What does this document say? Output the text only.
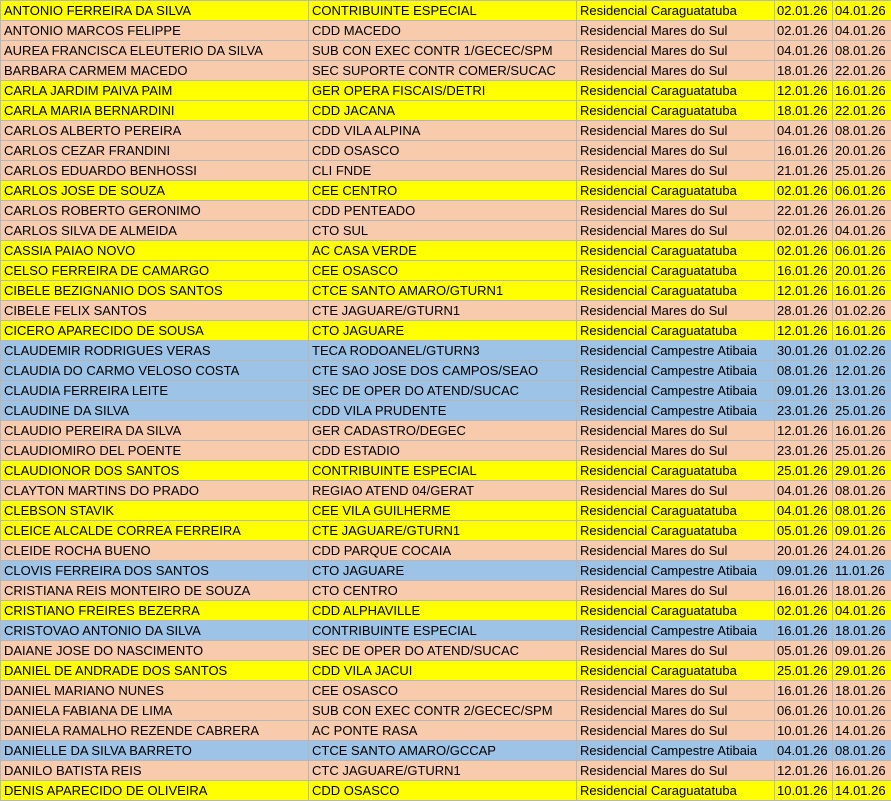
ANTONIO FERREIRA DA SILVA	CONTRIBUINTE ESPECIAL	Residencial Caraguatatuba	02.01.26	04.01.26
ANTONIO MARCOS FELIPPE	CDD MACEDO	Residencial Mares do Sul	02.01.26	04.01.26
AUREA FRANCISCA ELEUTERIO DA SILVA	SUB CON EXEC CONTR 1/GECEC/SPM	Residencial Mares do Sul	04.01.26	08.01.26
BARBARA CARMEM MACEDO	SEC SUPORTE CONTR COMER/SUCAC	Residencial Mares do Sul	18.01.26	22.01.26
CARLA JARDIM PAIVA PAIM	GER OPERA FISCAIS/DETRI	Residencial Caraguatatuba	12.01.26	16.01.26
CARLA MARIA BERNARDINI	CDD JACANA	Residencial Caraguatatuba	18.01.26	22.01.26
CARLOS ALBERTO PEREIRA	CDD VILA ALPINA	Residencial Mares do Sul	04.01.26	08.01.26
CARLOS CEZAR FRANDINI	CDD OSASCO	Residencial Mares do Sul	16.01.26	20.01.26
CARLOS EDUARDO BENHOSSI	CLI FNDE	Residencial Mares do Sul	21.01.26	25.01.26
CARLOS JOSE DE SOUZA	CEE CENTRO	Residencial Caraguatatuba	02.01.26	06.01.26
CARLOS ROBERTO GERONIMO	CDD PENTEADO	Residencial Mares do Sul	22.01.26	26.01.26
CARLOS SILVA DE ALMEIDA	CTO SUL	Residencial Mares do Sul	02.01.26	04.01.26
CASSIA PAIAO NOVO	AC CASA VERDE	Residencial Caraguatatuba	02.01.26	06.01.26
CELSO FERREIRA DE CAMARGO	CEE OSASCO	Residencial Caraguatatuba	16.01.26	20.01.26
CIBELE BEZIGNANIO DOS SANTOS	CTCE SANTO AMARO/GTURN1	Residencial Caraguatatuba	12.01.26	16.01.26
CIBELE FELIX SANTOS	CTE JAGUARE/GTURN1	Residencial Mares do Sul	28.01.26	01.02.26
CICERO APARECIDO DE SOUSA	CTO JAGUARE	Residencial Caraguatatuba	12.01.26	16.01.26
CLAUDEMIR RODRIGUES VERAS	TECA RODOANEL/GTURN3	Residencial Campestre Atibaia	30.01.26	01.02.26
CLAUDIA DO CARMO VELOSO COSTA	CTE SAO JOSE DOS CAMPOS/SEAO	Residencial Campestre Atibaia	08.01.26	12.01.26
CLAUDIA FERREIRA LEITE	SEC DE OPER DO ATEND/SUCAC	Residencial Campestre Atibaia	09.01.26	13.01.26
CLAUDINE DA SILVA	CDD VILA PRUDENTE	Residencial Campestre Atibaia	23.01.26	25.01.26
CLAUDIO PEREIRA DA SILVA	GER CADASTRO/DEGEC	Residencial Mares do Sul	12.01.26	16.01.26
CLAUDIOMIRO DEL POENTE	CDD ESTADIO	Residencial Mares do Sul	23.01.26	25.01.26
CLAUDIONOR DOS SANTOS	CONTRIBUINTE ESPECIAL	Residencial Caraguatatuba	25.01.26	29.01.26
CLAYTON MARTINS DO PRADO	REGIAO ATEND 04/GERAT	Residencial Mares do Sul	04.01.26	08.01.26
CLEBSON STAVIK	CEE VILA GUILHERME	Residencial Caraguatatuba	04.01.26	08.01.26
CLEICE ALCALDE CORREA FERREIRA	CTE JAGUARE/GTURN1	Residencial Caraguatatuba	05.01.26	09.01.26
CLEIDE ROCHA BUENO	CDD PARQUE COCAIA	Residencial Mares do Sul	20.01.26	24.01.26
CLOVIS FERREIRA DOS SANTOS	CTO JAGUARE	Residencial Campestre Atibaia	09.01.26	11.01.26
CRISTIANA REIS MONTEIRO DE SOUZA	CTO CENTRO	Residencial Mares do Sul	16.01.26	18.01.26
CRISTIANO FREIRES BEZERRA	CDD ALPHAVILLE	Residencial Caraguatatuba	02.01.26	04.01.26
CRISTOVAO ANTONIO DA SILVA	CONTRIBUINTE ESPECIAL	Residencial Campestre Atibaia	16.01.26	18.01.26
DAIANE JOSE DO NASCIMENTO	SEC DE OPER DO ATEND/SUCAC	Residencial Mares do Sul	05.01.26	09.01.26
DANIEL DE ANDRADE DOS SANTOS	CDD VILA JACUI	Residencial Caraguatatuba	25.01.26	29.01.26
DANIEL MARIANO NUNES	CEE OSASCO	Residencial Mares do Sul	16.01.26	18.01.26
DANIELA FABIANA DE LIMA	SUB CON EXEC CONTR 2/GECEC/SPM	Residencial Mares do Sul	06.01.26	10.01.26
DANIELA RAMALHO REZENDE CABRERA	AC PONTE RASA	Residencial Mares do Sul	10.01.26	14.01.26
DANIELLE DA SILVA BARRETO	CTCE SANTO AMARO/GCCAP	Residencial Campestre Atibaia	04.01.26	08.01.26
DANILO BATISTA REIS	CTC JAGUARE/GTURN1	Residencial Mares do Sul	12.01.26	16.01.26
DENIS APARECIDO DE OLIVEIRA	CDD OSASCO	Residencial Caraguatatuba	10.01.26	14.01.26
